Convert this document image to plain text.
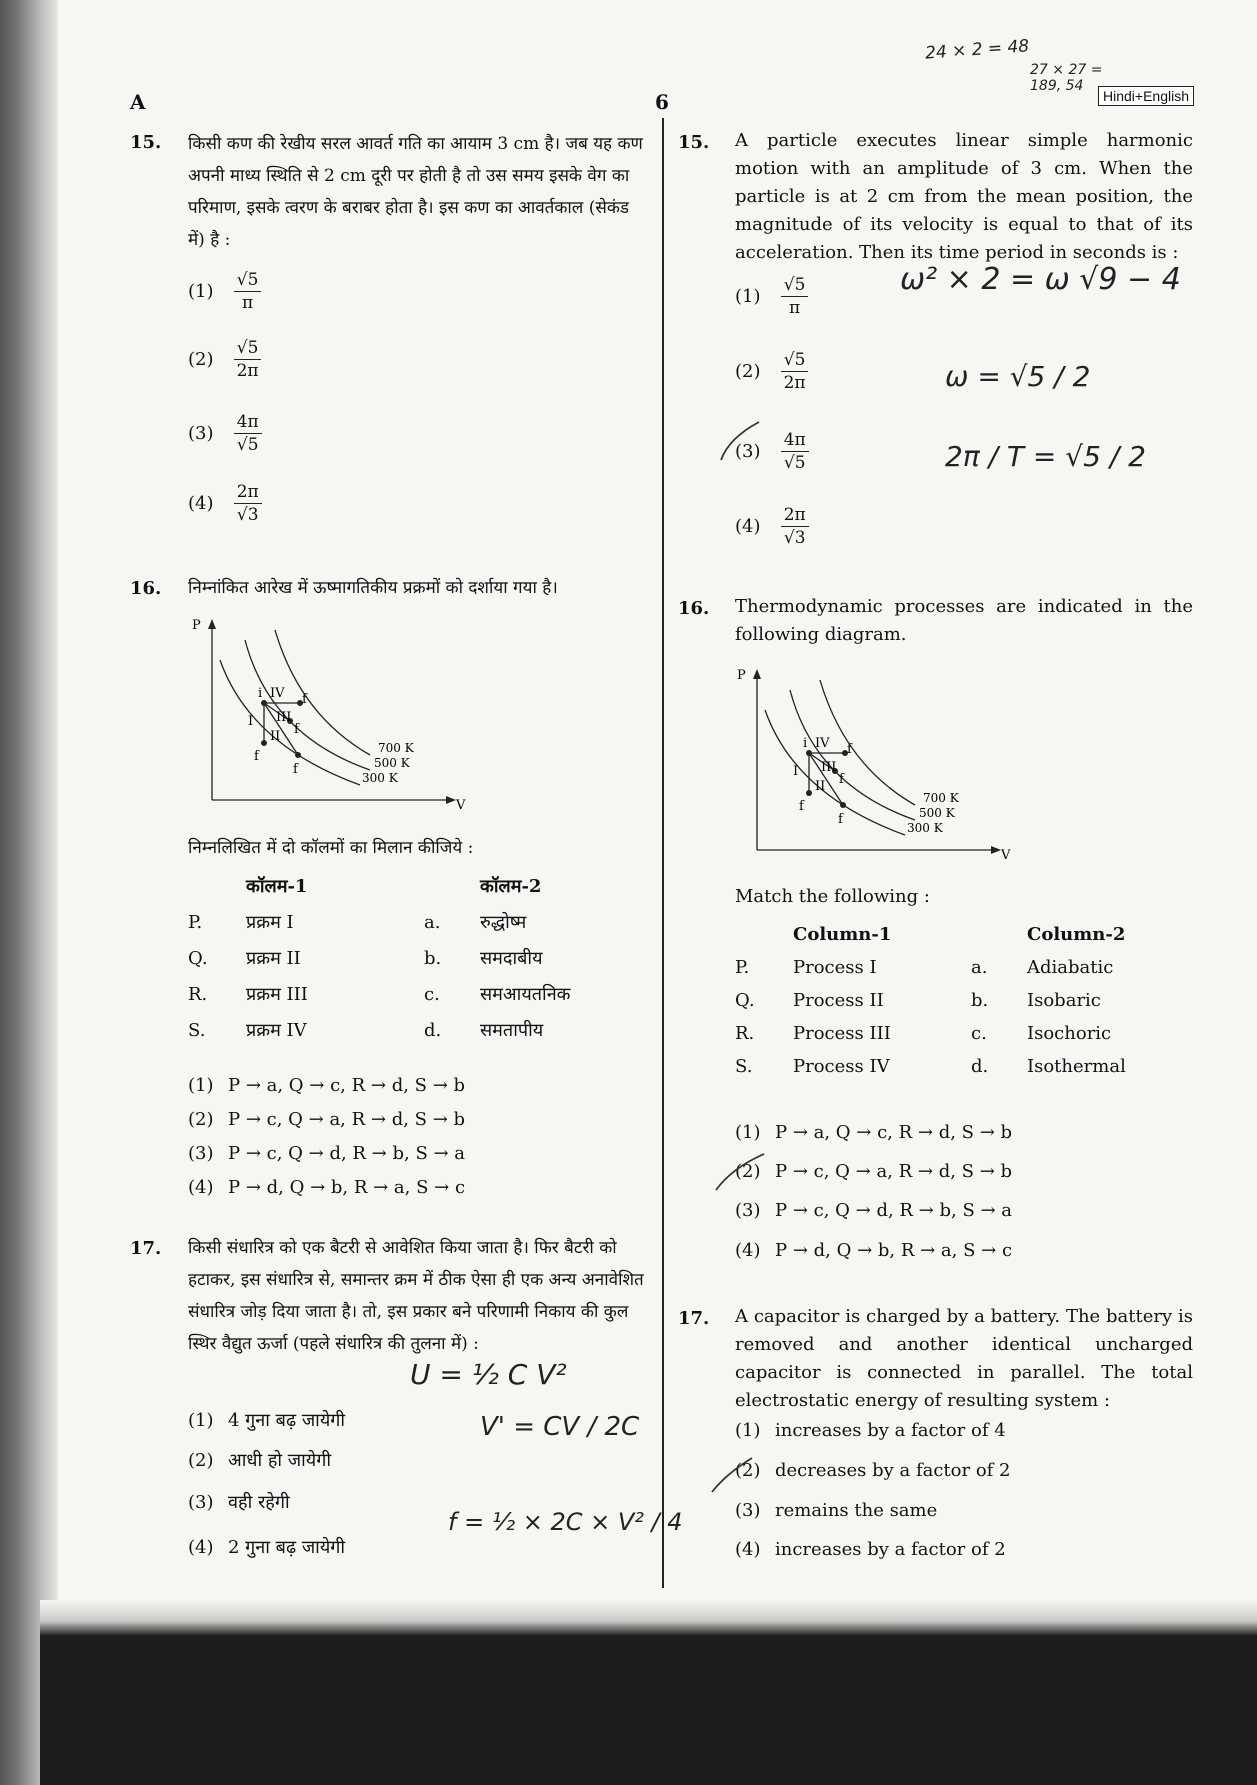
A	6	Hindi+English
24 × 2 = 48
27 × 27 = 189, 54
15. किसी कण की रेखीय सरल आवर्त गति का आयाम 3 cm है। जब यह कण अपनी माध्य स्थिति से 2 cm दूरी पर होती है तो उस समय इसके वेग का परिमाण, इसके त्वरण के बराबर होता है। इस कण का आवर्तकाल (सेकंड में) है :
$(1) \frac{√5}{\pi}$
$(2) \frac{√5}{2\pi}$
$(3) \frac{4\pi}{√5}$
$(4) \frac{2\pi}{√3}$
16. निम्नांकित आरेख में ऊष्मागतिकीय प्रक्रमों को दर्शाया गया है।
P
V
i IV
I III
II
f
f
f
f
700 K
500 K
300 K
निम्नलिखित में दो कॉलमों का मिलान कीजिये :
	कॉलम-1		कॉलम-2
P.	प्रक्रम I	a.	रुद्धोष्म
Q.	प्रक्रम II	b.	समदाबीय
R.	प्रक्रम III	c.	समआयतनिक
S.	प्रक्रम IV	d.	समतापीय
(1) P → a, Q → c, R → d, S → b
(2) P → c, Q → a, R → d, S → b
(3) P → c, Q → d, R → b, S → a
(4) P → d, Q → b, R → a, S → c
17. किसी संधारित्र को एक बैटरी से आवेशित किया जाता है। फिर बैटरी को हटाकर, इस संधारित्र से, समान्तर क्रम में ठीक ऐसा ही एक अन्य अनावेशित संधारित्र जोड़ दिया जाता है। तो, इस प्रकार बने परिणामी निकाय की कुल स्थिर वैद्युत ऊर्जा (पहले संधारित्र की तुलना में) :
(1) 4 गुना बढ़ जायेगी
(2) आधी हो जायेगी
(3) वही रहेगी
(4) 2 गुना बढ़ जायेगी
U = ½ C V²
V' = CV / 2C
f = ½ × 2C × V² / 4
15. A particle executes linear simple harmonic motion with an amplitude of 3 cm. When the particle is at 2 cm from the mean position, the magnitude of its velocity is equal to that of its acceleration. Then its time period in seconds is :
$(1) \frac{√5}{\pi}$
$(2) \frac{√5}{2\pi}$
$(3) \frac{4\pi}{√5}$
$(4) \frac{2\pi}{√3}$
ω² × 2 = ω √9 − 4
ω = √5 / 2
2π / T = √5 / 2
16. Thermodynamic processes are indicated in the following diagram.
P
V
i IV
I III
II
f
f
f
f
700 K
500 K
300 K
Match the following :
	Column-1		Column-2
P.	Process I	a.	Adiabatic
Q.	Process II	b.	Isobaric
R.	Process III	c.	Isochoric
S.	Process IV	d.	Isothermal
(1) P → a, Q → c, R → d, S → b
(2) P → c, Q → a, R → d, S → b
(3) P → c, Q → d, R → b, S → a
(4) P → d, Q → b, R → a, S → c
17. A capacitor is charged by a battery. The battery is removed and another identical uncharged capacitor is connected in parallel. The total electrostatic energy of resulting system :
(1) increases by a factor of 4
(2) decreases by a factor of 2
(3) remains the same
(4) increases by a factor of 2
